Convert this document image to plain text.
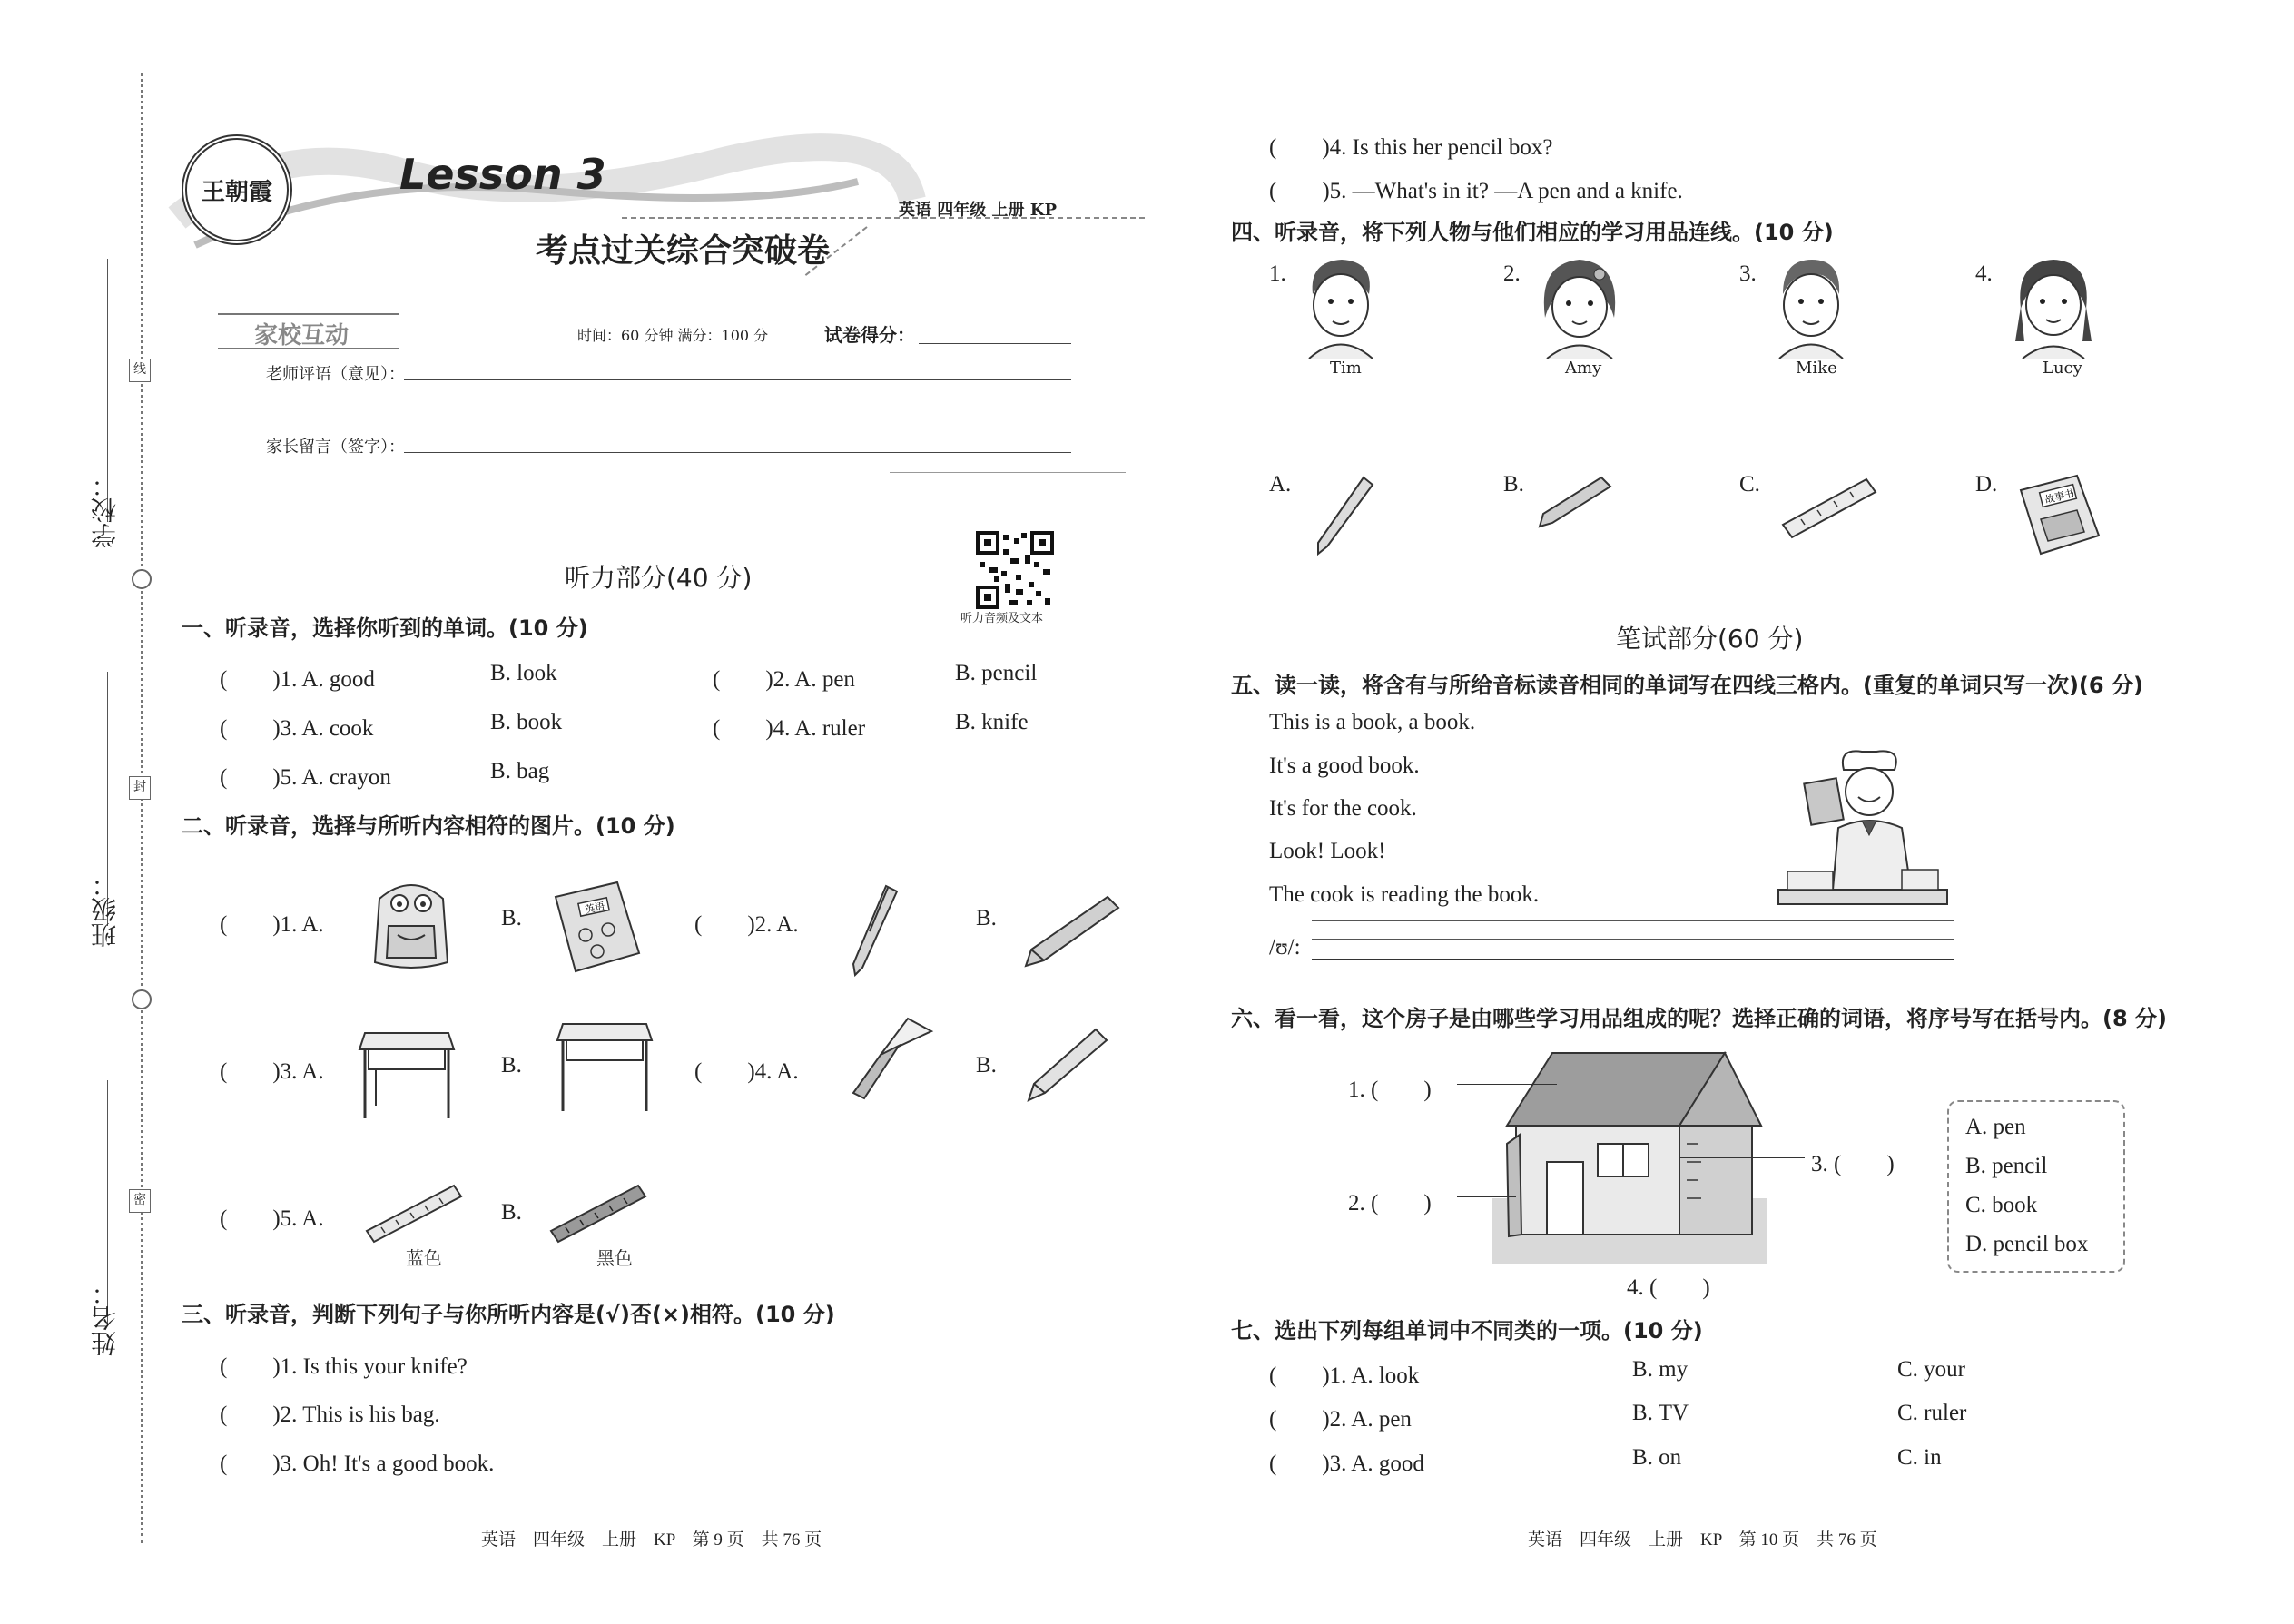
学校：
班级：
姓名：
线
封
密
王朝霞	Lesson 3
考点过关综合突破卷
英语 四年级 上册 KP
家校互动	时间：60 分钟 满分：100 分	试卷得分：
老师评语（意见）：
家长留言（签字）：
听力音频及文本
听力部分(40 分)
一、听录音，选择你听到的单词。(10 分)
(　　)1. A. good	B. look	(　　)2. A. pen	B. pencil
(　　)3. A. cook	B. book	(　　)4. A. ruler	B. knife
(　　)5. A. crayon	B. bag
二、听录音，选择与所听内容相符的图片。(10 分)
(　　)1. A.	B.	英语
(　　)2. A.	B.
(　　)3. A.	B.	(　　)4. A.	B.
(　　)5. A.
蓝色
B.
黑色
三、听录音，判断下列句子与你所听内容是(√)否(×)相符。(10 分)
(　　)1. Is this your knife?
(　　)2. This is his bag.
(　　)3. Oh! It's a good book.
英语　四年级　上册　KP　第 9 页　共 76 页
(　　)4. Is this her pencil box?
(　　)5. —What's in it? —A pen and a knife.
四、听录音，将下列人物与他们相应的学习用品连线。(10 分)
1.
Tim
2.
Amy
3.
Mike
4.
Lucy
A.	B.	C.	D.
故事书
笔试部分(60 分)
五、读一读，将含有与所给音标读音相同的单词写在四线三格内。(重复的单词只写一次)(6 分)
This is a book, a book.
It's a good book.
It's for the cook.
Look! Look!
The cook is reading the book.
/ʊ/:
六、看一看，这个房子是由哪些学习用品组成的呢？选择正确的词语，将序号写在括号内。(8 分)
1. (　　)
2. (　　)
3. (　　)
4. (　　)
A. pen
B. pencil
C. book
D. pencil box
七、选出下列每组单词中不同类的一项。(10 分)
(　　)1. A. look	B. my	C. your
(　　)2. A. pen	B. TV	C. ruler
(　　)3. A. good	B. on	C. in
英语　四年级　上册　KP　第 10 页　共 76 页
